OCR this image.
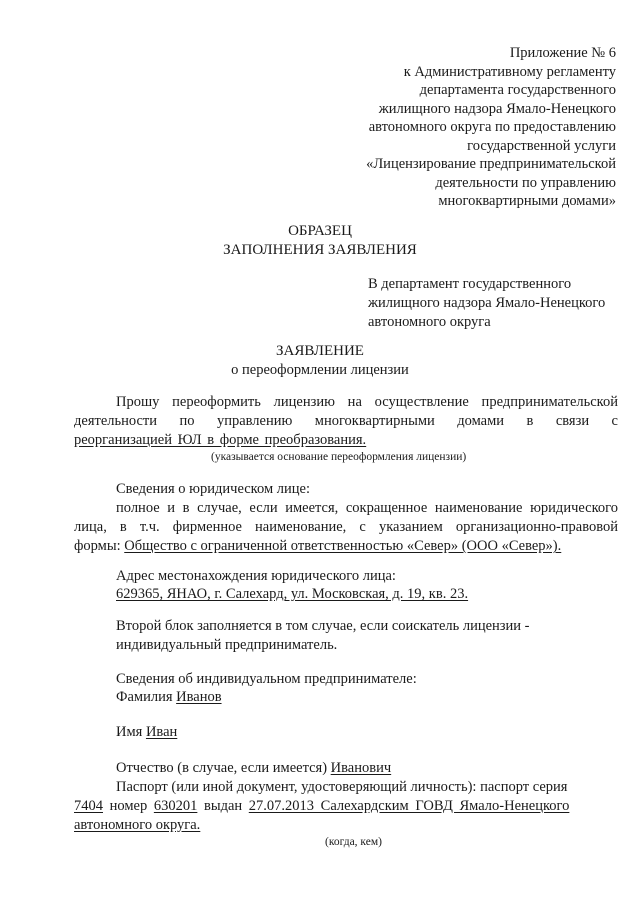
Приложение № 6
к Административному регламенту
департамента государственного
жилищного надзора Ямало-Ненецкого
автономного округа по предоставлению
государственной услуги
«Лицензирование предпринимательской
деятельности по управлению
многоквартирными домами»
ОБРАЗЕЦ
ЗАПОЛНЕНИЯ ЗАЯВЛЕНИЯ
В департамент государственного
жилищного надзора Ямало-Ненецкого
автономного округа
ЗАЯВЛЕНИЕ
о переоформлении лицензии
Прошу переоформить лицензию на осуществление предпринимательской
деятельности по управлению многоквартирными домами в связи с
реорганизацией ЮЛ в форме преобразования.
(указывается основание переоформления лицензии)
Сведения о юридическом лице:
полное и в случае, если имеется, сокращенное наименование юридического
лица, в т.ч. фирменное наименование, с указанием организационно-правовой
формы: Общество с ограниченной ответственностью «Север» (ООО «Север»).
Адрес местонахождения юридического лица:
629365, ЯНАО, г. Салехард, ул. Московская, д. 19, кв. 23.
Второй блок заполняется в том случае, если соискатель лицензии -
индивидуальный предприниматель.
Сведения об индивидуальном предпринимателе:
Фамилия Иванов
Имя Иван
Отчество (в случае, если имеется) Иванович
Паспорт (или иной документ, удостоверяющий личность): паспорт серия
7404 номер 630201 выдан 27.07.2013 Салехардским ГОВД Ямало-Ненецкого
автономного округа.
(когда, кем)
